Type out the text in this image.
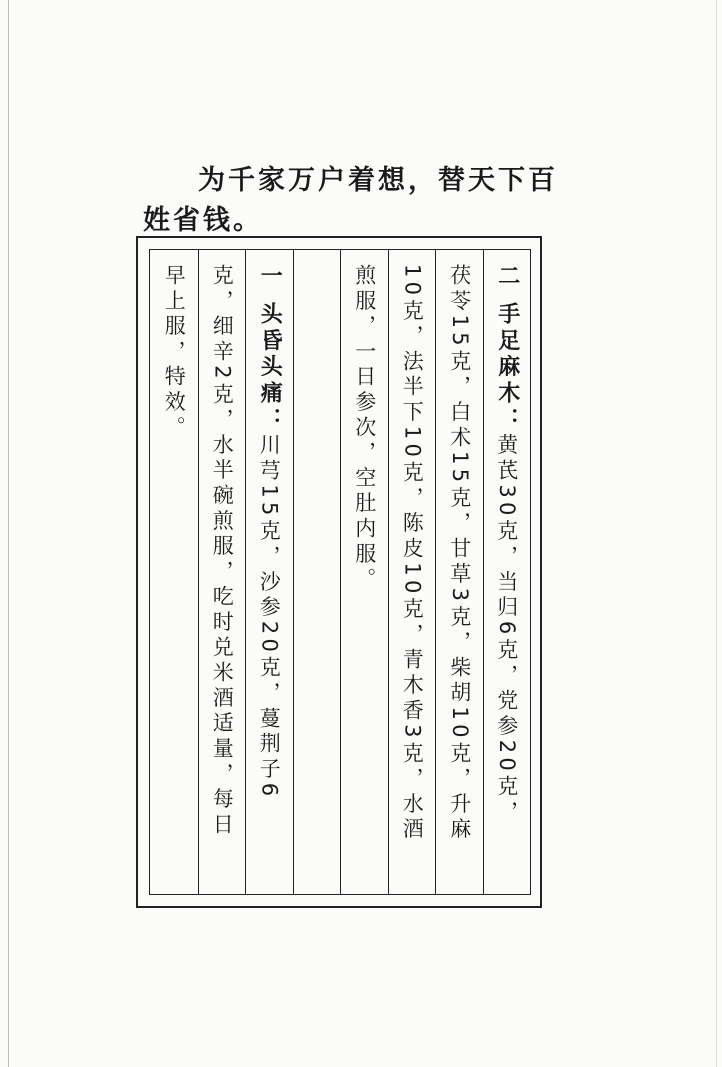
为千家万户着想，替天下百
姓省钱。
二 手足麻木：黄芪30克，当归6克，党参20克，
茯苓15克，白术15克，甘草3克，柴胡10克，升麻
10克，法半下10克，陈皮10克，青木香3克，水酒
煎服，一日参次，空肚内服。
一 头昏头痛：川芎15克，沙参20克，蔓荆子6
克，细辛2克，水半碗煎服，吃时兑米酒适量，每日
早上服，特效。
